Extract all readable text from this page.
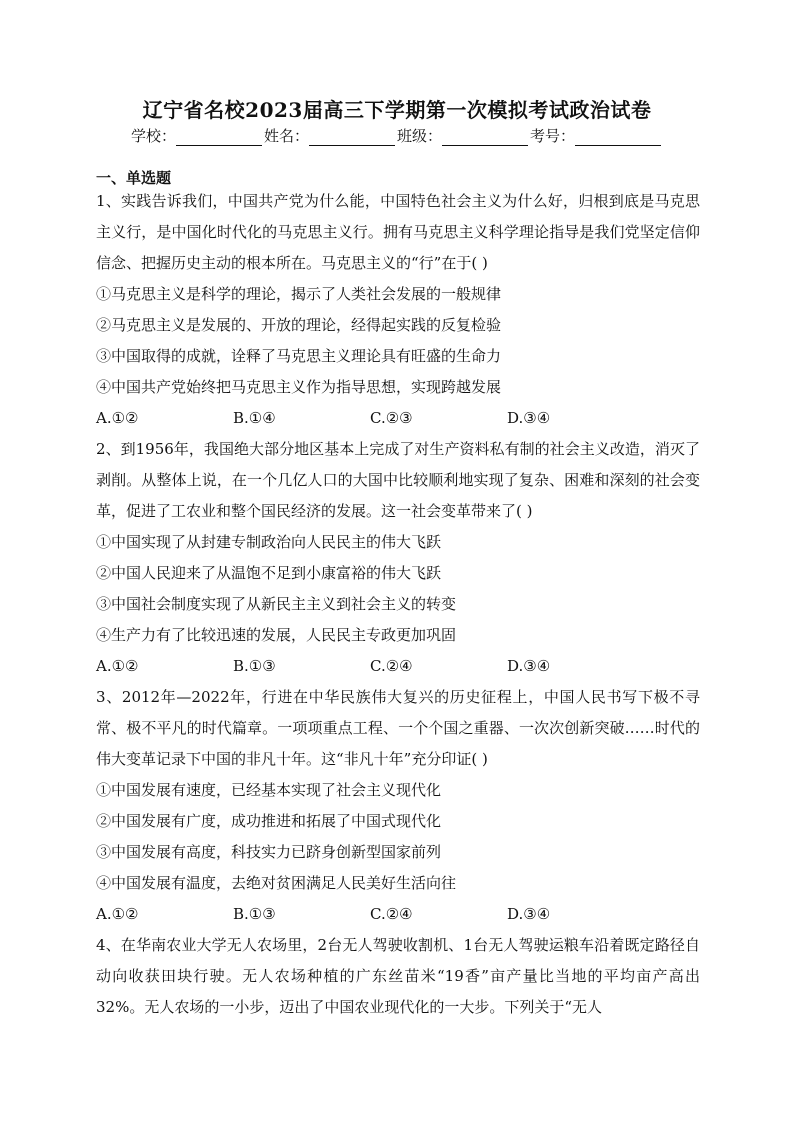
辽宁省名校2023届高三下学期第一次模拟考试政治试卷
学校：	姓名：	班级：	考号：
一、单选题

1、实践告诉我们，中国共产党为什么能，中国特色社会主义为什么好，归根到底是马克思主义行，是中国化时代化的马克思主义行。拥有马克思主义科学理论指导是我们党坚定信仰信念、把握历史主动的根本所在。马克思主义的“行”在于( )

①马克思主义是科学的理论，揭示了人类社会发展的一般规律

②马克思主义是发展的、开放的理论，经得起实践的反复检验

③中国取得的成就，诠释了马克思主义理论具有旺盛的生命力

④中国共产党始终把马克思主义作为指导思想，实现跨越发展

A.①②	B.①④	C.②③	D.③④

2、到1956年，我国绝大部分地区基本上完成了对生产资料私有制的社会主义改造，消灭了剥削。从整体上说，在一个几亿人口的大国中比较顺利地实现了复杂、困难和深刻的社会变革，促进了工农业和整个国民经济的发展。这一社会变革带来了( )

①中国实现了从封建专制政治向人民民主的伟大飞跃

②中国人民迎来了从温饱不足到小康富裕的伟大飞跃

③中国社会制度实现了从新民主主义到社会主义的转变

④生产力有了比较迅速的发展，人民民主专政更加巩固

A.①②	B.①③	C.②④	D.③④

3、2012年—2022年，行进在中华民族伟大复兴的历史征程上，中国人民书写下极不寻常、极不平凡的时代篇章。一项项重点工程、一个个国之重器、一次次创新突破……时代的伟大变革记录下中国的非凡十年。这“非凡十年”充分印证( )

①中国发展有速度，已经基本实现了社会主义现代化

②中国发展有广度，成功推进和拓展了中国式现代化

③中国发展有高度，科技实力已跻身创新型国家前列

④中国发展有温度，去绝对贫困满足人民美好生活向往

A.①②	B.①③	C.②④	D.③④

4、在华南农业大学无人农场里，2台无人驾驶收割机、1台无人驾驶运粮车沿着既定路径自动向收获田块行驶。无人农场种植的广东丝苗米“19香”亩产量比当地的平均亩产高出32%。无人农场的一小步，迈出了中国农业现代化的一大步。下列关于“无人
